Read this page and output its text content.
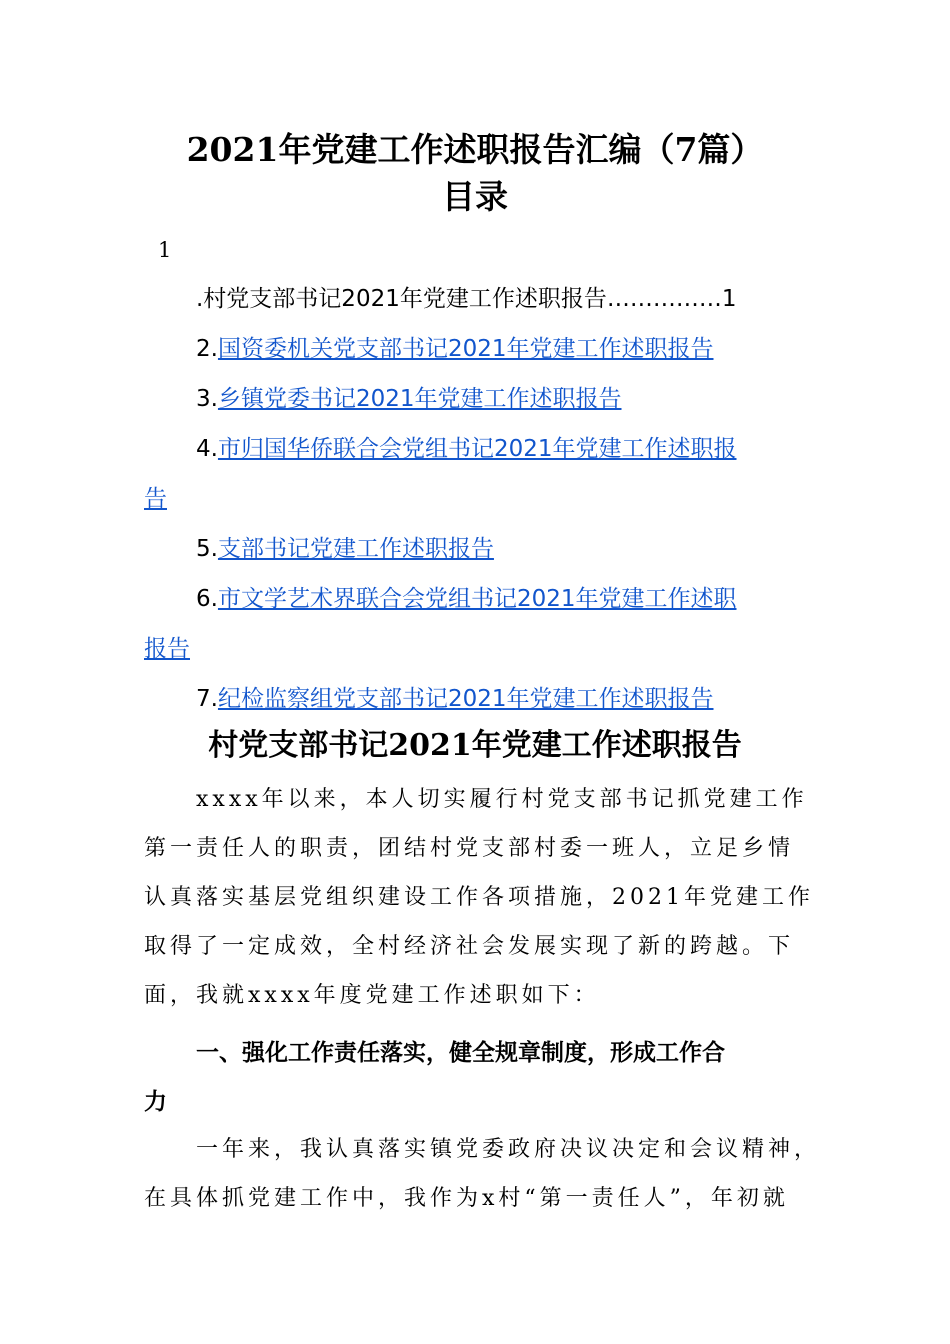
2021年党建工作述职报告汇编（7篇）
目录
1
.村党支部书记2021年党建工作述职报告……………1
2.国资委机关党支部书记2021年党建工作述职报告
3.乡镇党委书记2021年党建工作述职报告
4.市归国华侨联合会党组书记2021年党建工作述职报
告
5.支部书记党建工作述职报告
6.市文学艺术界联合会党组书记2021年党建工作述职
报告
7.纪检监察组党支部书记2021年党建工作述职报告
村党支部书记2021年党建工作述职报告
xxxx年以来，本人切实履行村党支部书记抓党建工作
第一责任人的职责，团结村党支部村委一班人，立足乡情
认真落实基层党组织建设工作各项措施，2021年党建工作
取得了一定成效，全村经济社会发展实现了新的跨越。下
面，我就xxxx年度党建工作述职如下：
一、强化工作责任落实，健全规章制度，形成工作合
力
一年来，我认真落实镇党委政府决议决定和会议精神，
在具体抓党建工作中，我作为x村“第一责任人”，年初就
